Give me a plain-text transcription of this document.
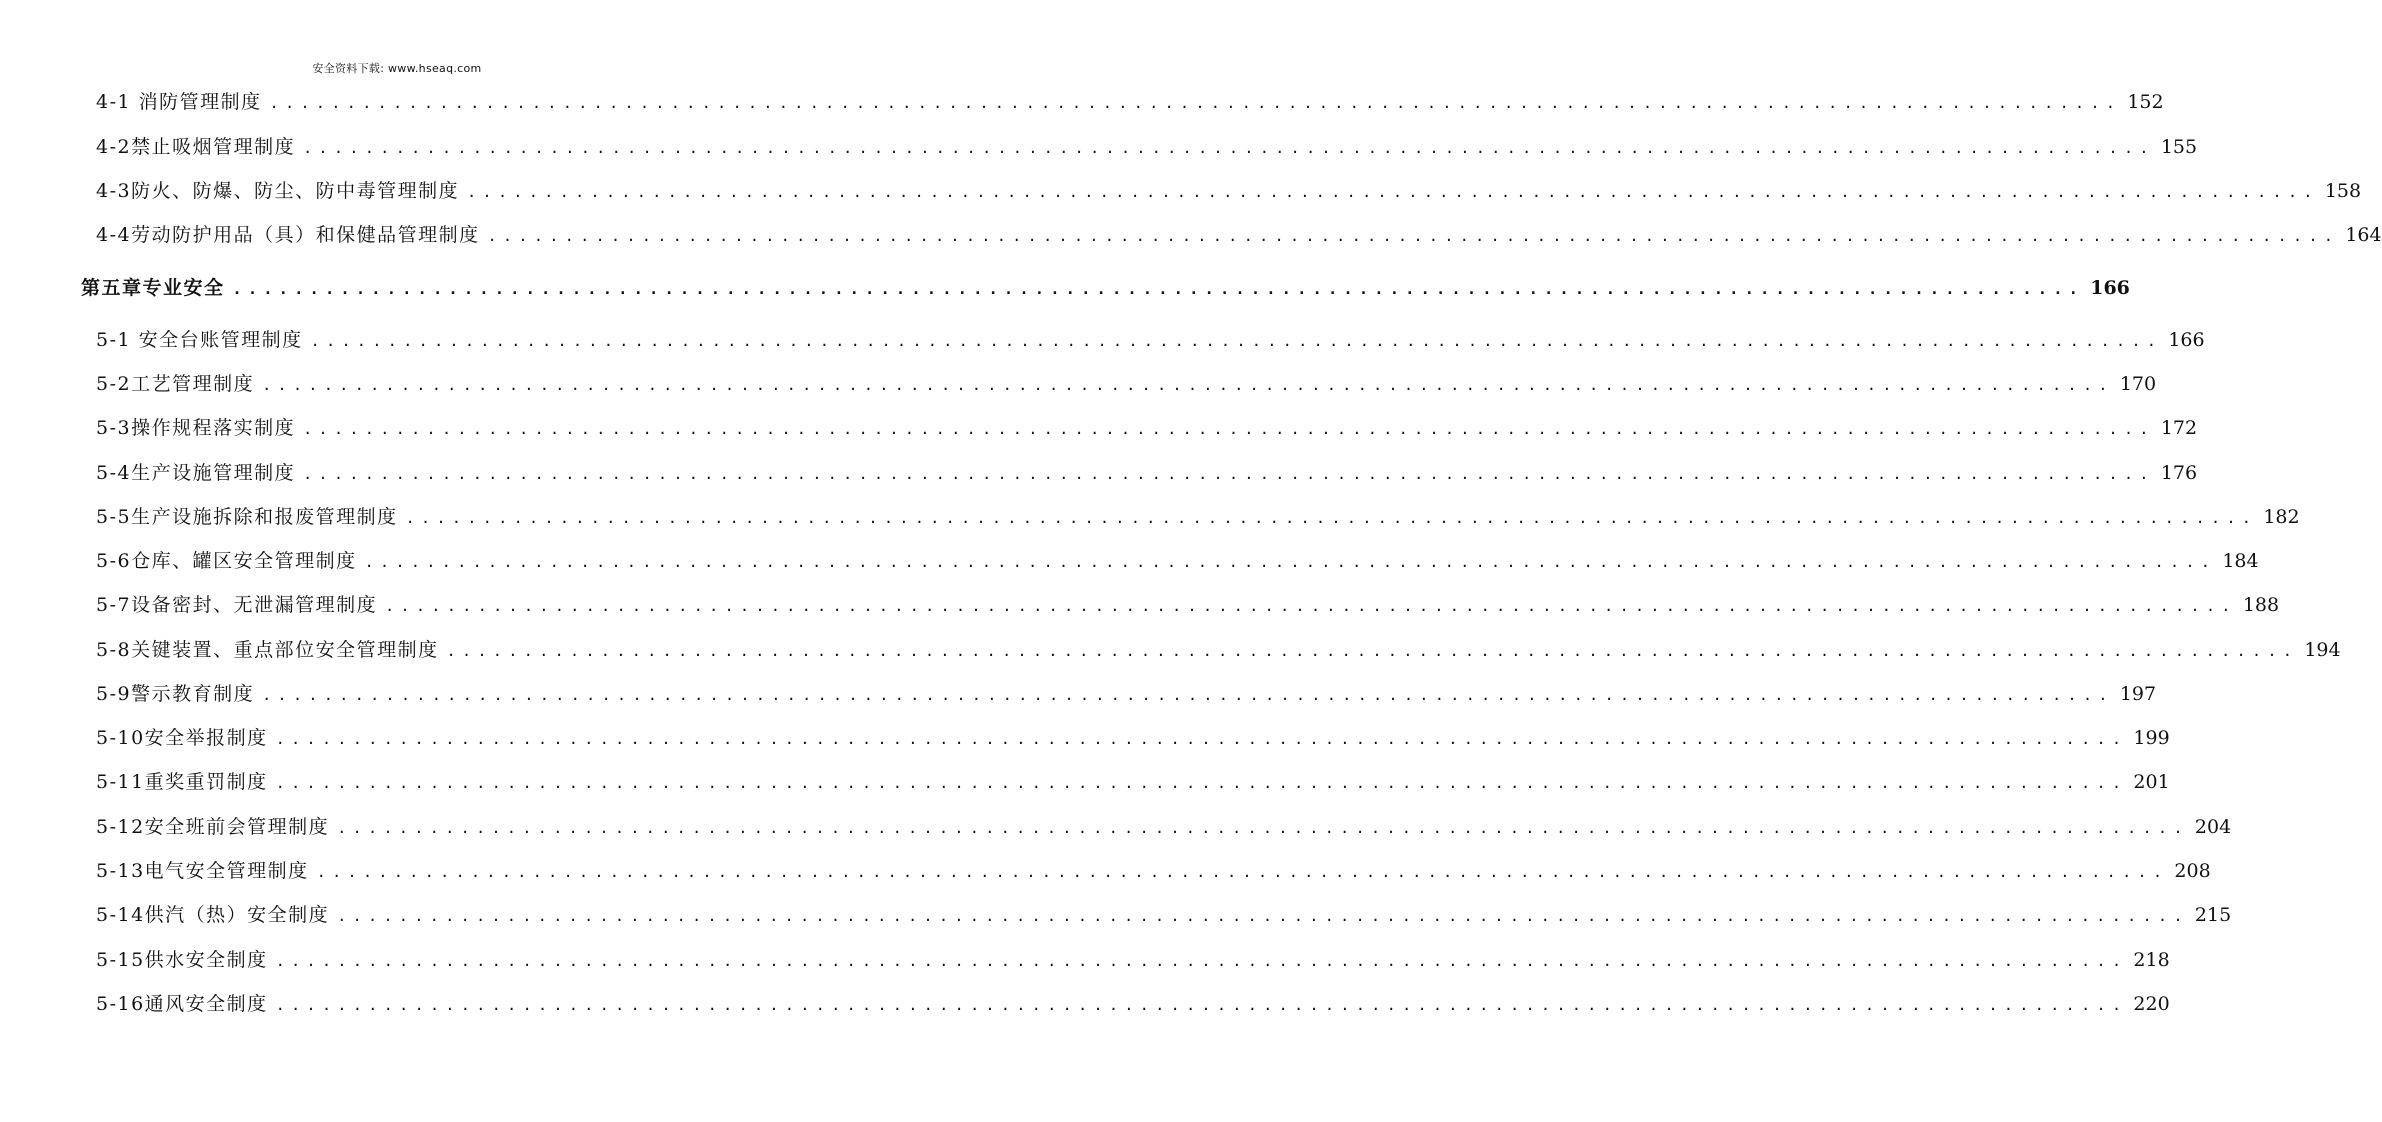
安全资料下载: www.hseaq.com
4-1 消防管理制度 ........................................................................................................................ 152
4-2禁止吸烟管理制度 ........................................................................................................................ 155
4-3防火、防爆、防尘、防中毒管理制度 ........................................................................................................................ 158
4-4劳动防护用品（具）和保健品管理制度 ........................................................................................................................ 164
第五章专业安全 ........................................................................................................................ 166
5-1 安全台账管理制度 ........................................................................................................................ 166
5-2工艺管理制度 ........................................................................................................................ 170
5-3操作规程落实制度 ........................................................................................................................ 172
5-4生产设施管理制度 ........................................................................................................................ 176
5-5生产设施拆除和报废管理制度 ........................................................................................................................ 182
5-6仓库、罐区安全管理制度 ........................................................................................................................ 184
5-7设备密封、无泄漏管理制度 ........................................................................................................................ 188
5-8关键装置、重点部位安全管理制度 ........................................................................................................................ 194
5-9警示教育制度 ........................................................................................................................ 197
5-10安全举报制度 ........................................................................................................................ 199
5-11重奖重罚制度 ........................................................................................................................ 201
5-12安全班前会管理制度 ........................................................................................................................ 204
5-13电气安全管理制度 ........................................................................................................................ 208
5-14供汽（热）安全制度 ........................................................................................................................ 215
5-15供水安全制度 ........................................................................................................................ 218
5-16通风安全制度 ........................................................................................................................ 220
